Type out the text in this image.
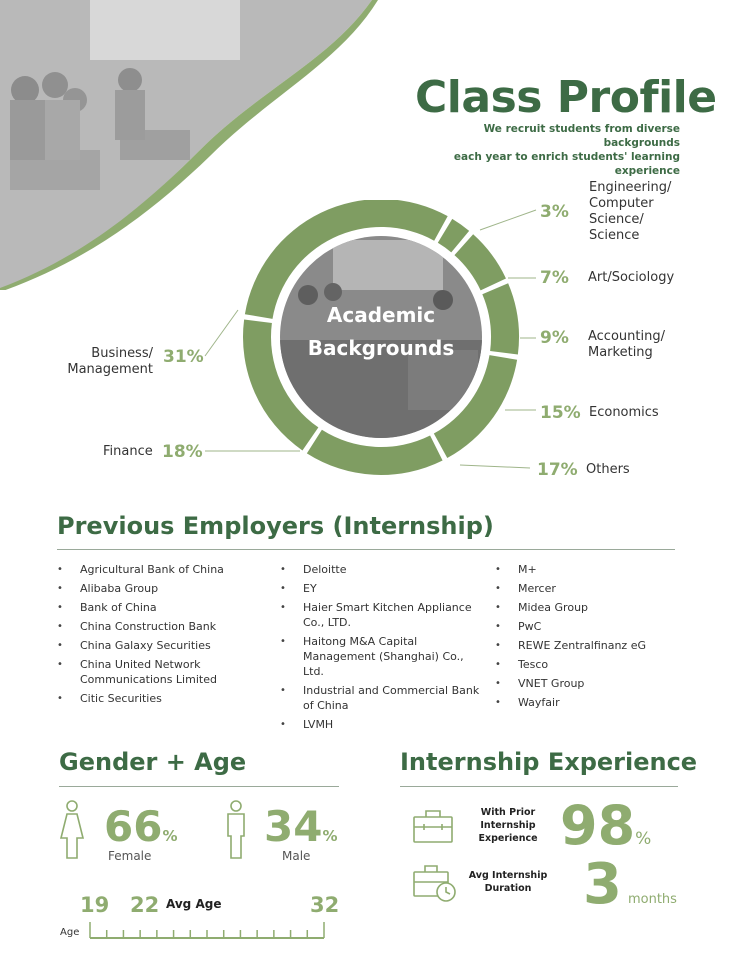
Class Profile
We recruit students from diverse backgrounds
each year to enrich students' learning experience
Academic
Backgrounds
3%
Engineering/
Computer
Science/
Science
7% Art/Sociology
9% Accounting/
Marketing
15% Economics
17% Others
Finance 18%
Business/
Management
31%
Previous Employers (Internship)
• Agricultural Bank of China
• Alibaba Group
• Bank of China
• China Construction Bank
• China Galaxy Securities
• China United Network Communications Limited
• Citic Securities
• Deloitte
• EY
• Haier Smart Kitchen Appliance Co., LTD.
• Haitong M&A Capital Management (Shanghai) Co., Ltd.
• Industrial and Commercial Bank of China
• LVMH
• M+
• Mercer
• Midea Group
• PwC
• REWE Zentralfinanz eG
• Tesco
• VNET Group
• Wayfair
Gender + Age
66%
Female
34%
Male
19 22 Avg Age	32
Age
Internship Experience
With Prior Internship Experience 98%
Avg Internship Duration 3 months
